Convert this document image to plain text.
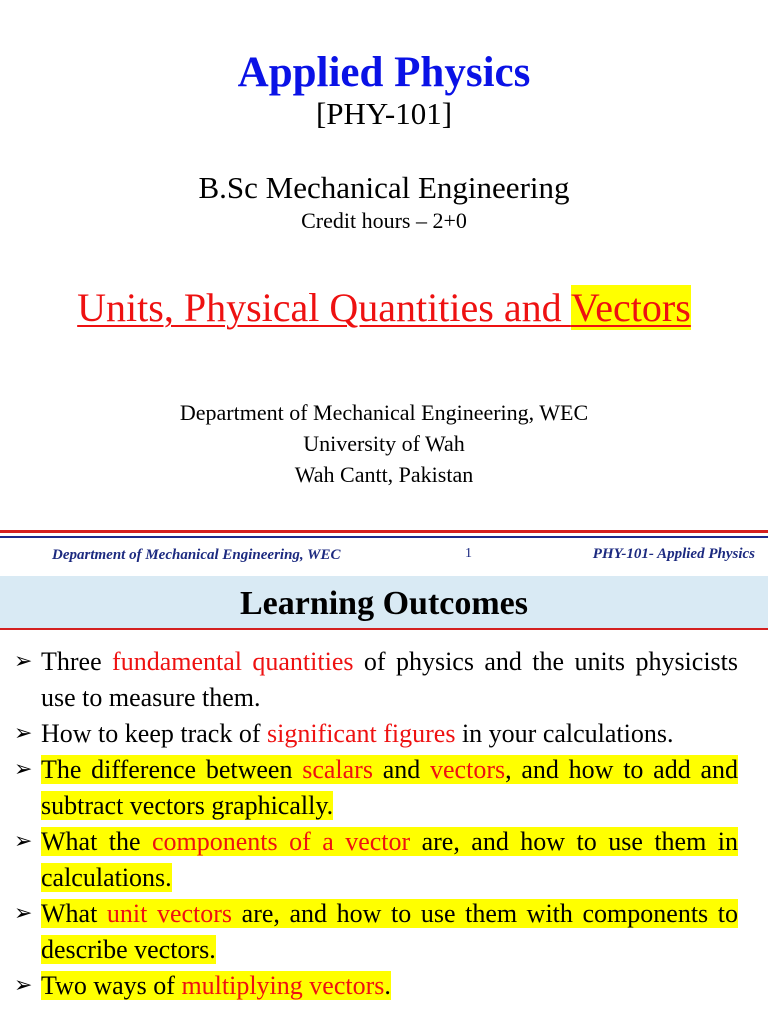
Applied Physics
[PHY-101]
B.Sc Mechanical Engineering
Credit hours – 2+0
Units, Physical Quantities and Vectors
Department of Mechanical Engineering, WEC
University of Wah
Wah Cantt, Pakistan
Department of Mechanical Engineering, WEC	1	PHY-101- Applied Physics
Learning Outcomes
➢ Three fundamental quantities of physics and the units physicists use to measure them.
➢ How to keep track of significant figures in your calculations.
➢ The difference between scalars and vectors, and how to add and subtract vectors graphically.
➢ What the components of a vector are, and how to use them in calculations.
➢ What unit vectors are, and how to use them with components to describe vectors.
➢ Two ways of multiplying vectors.
